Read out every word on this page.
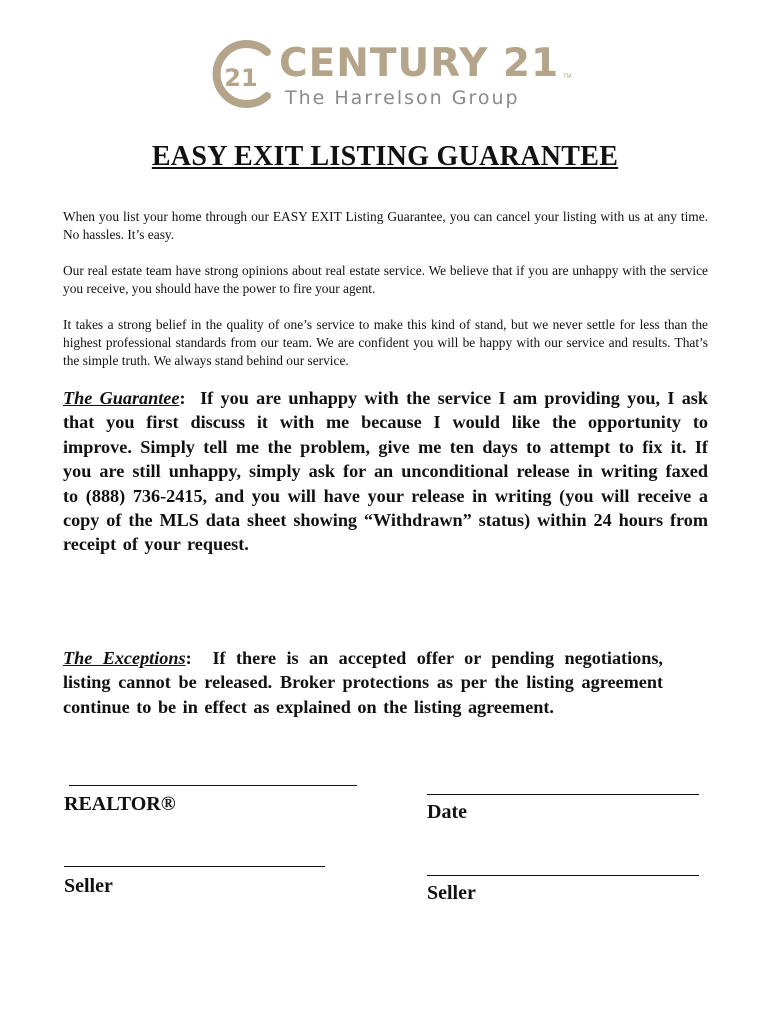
21 CENTURY 21 TM
The Harrelson Group
EASY EXIT LISTING GUARANTEE

When you list your home through our EASY EXIT Listing Guarantee, you can cancel your listing with us at any time. No hassles. It’s easy.

Our real estate team have strong opinions about real estate service. We believe that if you are unhappy with the service you receive, you should have the power to fire your agent.

It takes a strong belief in the quality of one’s service to make this kind of stand, but we never settle for less than the highest professional standards from our team. We are confident you will be happy with our service and results. That’s the simple truth. We always stand behind our service.

The Guarantee:  If you are unhappy with the service I am providing you, I ask that you first discuss it with me because I would like the opportunity to improve. Simply tell me the problem, give me ten days to attempt to fix it. If you are still unhappy, simply ask for an unconditional release in writing faxed to (888) 736-2415, and you will have your release in writing (you will receive a copy of the MLS data sheet showing “Withdrawn” status) within 24 hours from receipt of your request.

The Exceptions:  If there is an accepted offer or pending negotiations, listing cannot be released. Broker protections as per the listing agreement continue to be in effect as explained on the listing agreement.

REALTOR®	Date
Seller	Seller
